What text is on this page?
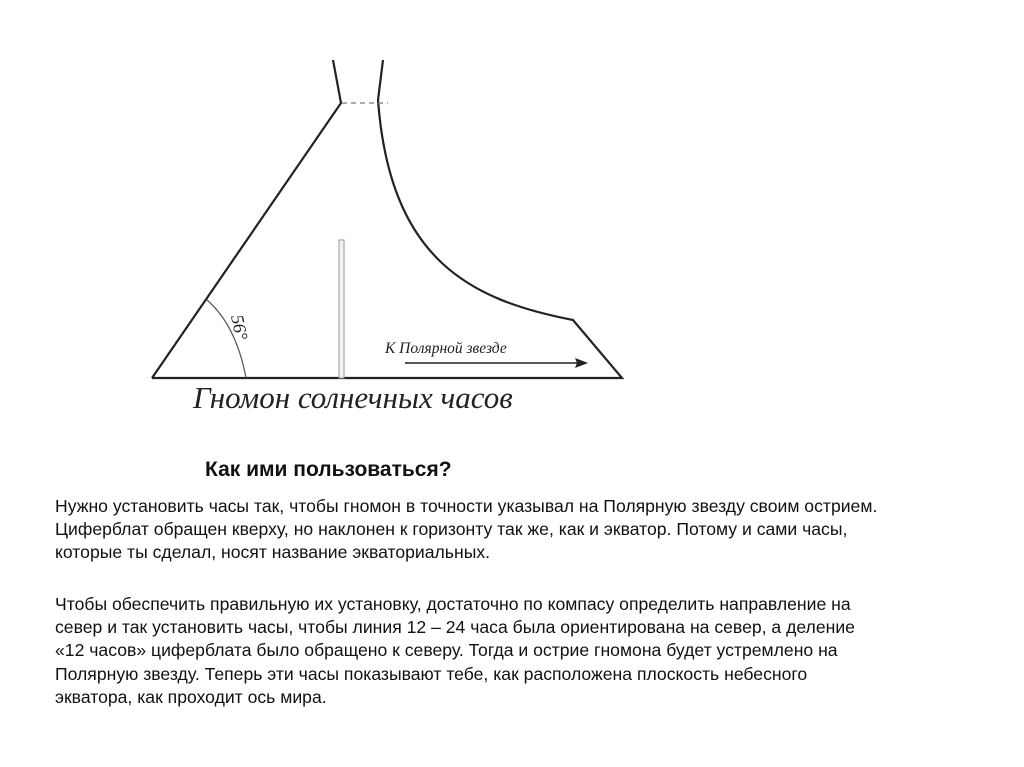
56°
К Полярной звезде
Гномон солнечных часов

Как ими пользоваться?

Нужно установить часы так, чтобы гномон в точности указывал на Полярную звезду своим острием.
Циферблат обращен кверху, но наклонен к горизонту так же, как и экватор. Потому и сами часы,
которые ты сделал, носят название экваториальных.

Чтобы обеспечить правильную их установку, достаточно по компасу определить направление на
север и так установить часы, чтобы линия 12 – 24 часа была ориентирована на север, а деление
«12 часов» циферблата было обращено к северу. Тогда и острие гномона будет устремлено на
Полярную звезду. Теперь эти часы показывают тебе, как расположена плоскость небесного
экватора, как проходит ось мира.
